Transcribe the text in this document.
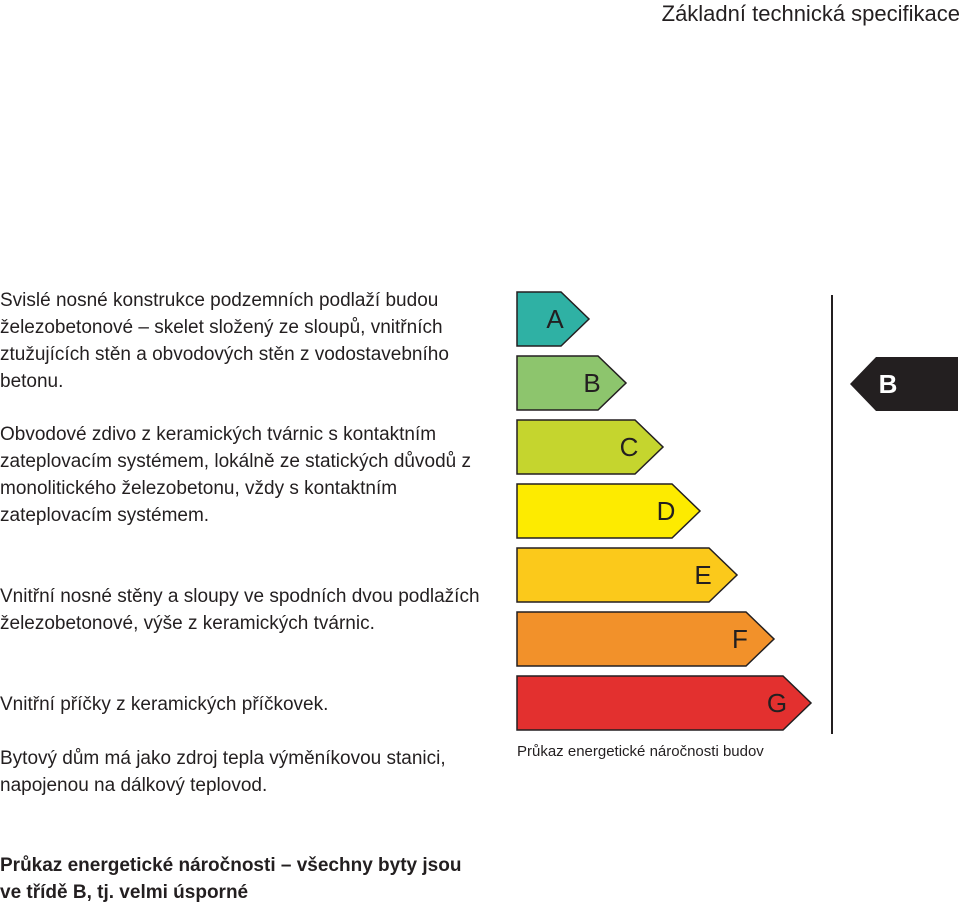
Základní technická specifikace

Svislé nosné konstrukce podzemních podlaží budou železobetonové – skelet složený ze sloupů, vnitřních ztužujících stěn a obvodových stěn z vodostavebního betonu.

Obvodové zdivo z keramických tvárnic s kontaktním zateplovacím systémem, lokálně ze statických důvodů z monolitického železobetonu, vždy s kontaktním zateplovacím systémem.

Vnitřní nosné stěny a sloupy ve spodních dvou podlažích železobetonové, výše z keramických tvárnic.

Vnitřní příčky z keramických příčkovek.

Bytový dům má jako zdroj tepla výměníkovou stanici, napojenou na dálkový teplovod.

A
B
C
D
E
F
G
B
Průkaz energetické náročnosti budov
Průkaz energetické náročnosti – všechny byty jsou ve třídě B, tj. velmi úsporné
